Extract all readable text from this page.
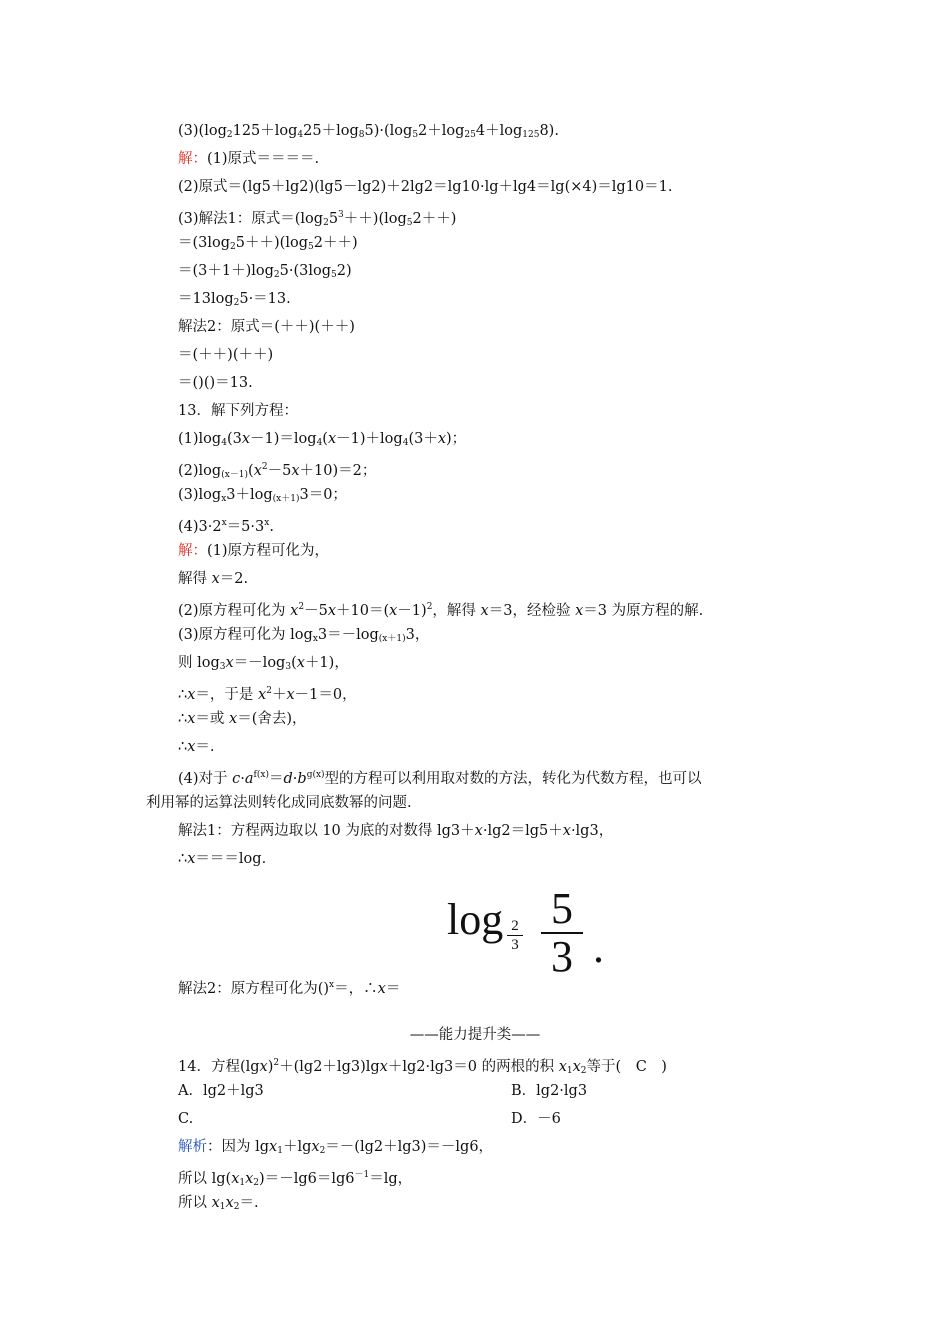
$(3)(\log_2125+\log_425+\log_85)\cdot(\log_52+\log_{25}4+\log_{125}8)$.
解：(1)原式＝＝＝＝.
(2)原式＝(lg5＋lg2)(lg5－lg2)＋2lg2＝lg10·lg＋lg4＝lg(×4)＝lg10＝1.
(3)解法1：原式$=(\log_25^3++)(\log_52++)$
$=(3\log_25++)(\log_52++)$
$=(3+1+)\log_25\cdot(3\log_52)$
$=13\log_25\cdot=13$.
解法2：原式＝(＋＋)(＋＋)
＝(＋＋)(＋＋)
＝()()＝13.
13．解下列方程：
$(1)\log_4(3x-1)=\log_4(x-1)+\log_4(3+x)$；
$(2)\log_{(x-1)}(x^2-5x+10)=2$；
$(3)\log_x3+\log_{(x+1)}3=0$；
$(4)3\cdot 2^x=5\cdot 3^x$.
解：(1)原方程可化为，
解得 x＝2.
(2)原方程可化为 $x^2-5x+10=(x-1)^2$，解得 x＝3，经检验 x＝3 为原方程的解.
(3)原方程可化为 $\log_x3=-\log_{(x+1)}3$，
则 $\log_3x=-\log_3(x+1)$，
∴x＝，于是 $x^2+x-1=0$，
∴x＝或 x＝(舍去)，
∴x＝.
(4)对于 $c\cdot a^{f(x)}=d\cdot b^{g(x)}$型的方程可以利用取对数的方法，转化为代数方程，也可以
利用幂的运算法则转化成同底数幂的问题.
解法1：方程两边取以 10 为底的对数得 lg3＋x·lg2＝lg5＋x·lg3，
∴x＝＝＝log.
log 2
3
5
3 .
解法2：原方程可化为()$^x$＝，∴x＝
——能力提升类——
14．方程$(\lg x)^2+(\lg 2+\lg 3)\lg x+\lg 2\cdot\lg 3=0$ 的两根的积 $x_1x_2$等于(　C　)
A．lg2＋lg3	B．lg2·lg3
C.	D．－6
解析：因为 lgx$_1$＋lgx$_2$＝－(lg2＋lg3)＝－lg6，
所以 $\lg(x_1x_2)=-\lg 6=\lg 6^{-1}=\lg$，
所以 $x_1x_2=$.
